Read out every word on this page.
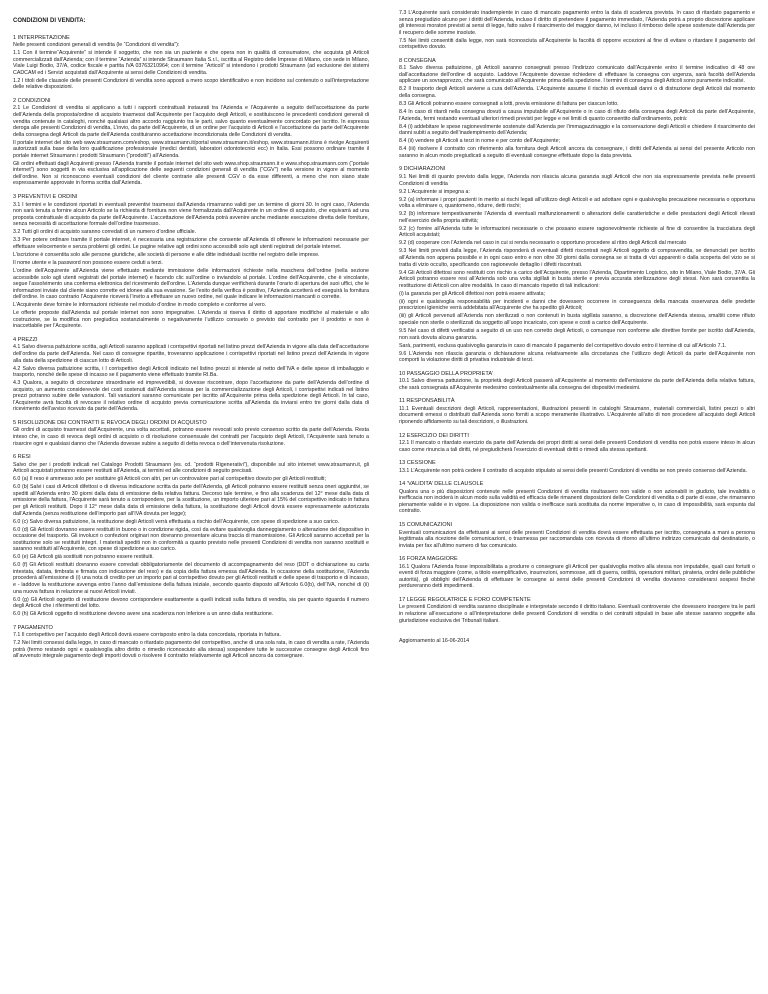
CONDIZIONI DI VENDITA:
1 INTERPRETAZIONE

Nelle presenti condizioni generali di vendita (le “Condizioni di vendita”):

1.1 Con il termine“Acquirente” si intende il soggetto, che non sia un paziente e che opera non in qualità di consumatore, che acquista gli Articoli commercializzati dall’Azienda; con il termine “Azienda” si intende Straumann Italia S.r.l., iscritta al Registro delle Imprese di Milano, con sede in Milano, Viale Luigi Bodio, 37/A, codice fiscale e partita IVA 03763210964; con il termine “Articoli” si intendono i prodotti Straumann (ad esclusione dei sistemi CADCAM ed i Servizi acquistati dall’Acquirente ai sensi delle Condizioni di vendita.

1.2 I titoli delle clausole delle presenti Condizioni di vendita sono apposti a mero scopo identificativo e non incidono sul contenuto o sull’interpretazione delle relative disposizioni.

2 CONDIZIONI

2.1 Le Condizioni di vendita si applicano a tutti i rapporti contrattuali instaurati tra l’Azienda e l’Acquirente a seguito dell’accettazione da parte dell’Azienda della proposta/ordine di acquisto trasmessi dall’Acquirente per l’acquisto degli Articoli, e sostituiscono le precedenti condizioni generali di vendita contenute in cataloghi, nonché qualsiasi altro accordo raggiunto tra le parti, salvo quanto eventualmente concordato per iscritto. In espressa deroga alle presenti Condizioni di vendita, L’invio, da parte dell’Acquirente, di un ordine per l’acquisto di Articoli e l’accettazione da parte dell’Acquirente della consegna degli Articoli da parte dell’Azienda costituiranno accettazione incondizionata delle Condizioni di vendita.

Il portale internet del sito web www.straumann.com/eshop, www.straumann.it/portal www.straumann.it/eshop, www.straumann.it/sns è rivolge Acquirenti autorizzati sulla base della loro qualificazione professionale (medici dentisti, laboratori odontotecnici ecc) in Italia. Essi possono ordinare tramite il portale internet Straumann i prodotti Straumann (“prodotti”) all’Azienda.

Gli ordini effettuati dagli Acquirenti presso l’Azienda tramite il portale internet del sito web www.shop.straumann.it e www.shop.straumann.com (“portale internet”) sono soggetti in via esclusiva all’applicazione delle seguenti condizioni generali di vendita (“CGV”) nella versione in vigore al momento dell’ordine. Non si riconoscono eventuali condizioni del cliente contrarie alle presenti CGV o da esse differenti, a meno che non siano state espressamente approvate in forma scritta dall’Azienda.

3 PREVENTIVI E ORDINI

3.1 I termini e le condizioni riportati in eventuali preventivi trasmessi dall’Azienda rimarranno validi per un termine di giorni 30. In ogni caso, l’Azienda non sarà tenuta a fornire alcun Articolo se la richiesta di fornitura non viene formalizzata dall’Acquirente in un ordine di acquisto, che equivarrà ad una proposta contrattuale di acquisto da parte dell’Acquirente. L’accettazione dell’Azienda potrà avvenire anche mediante esecuzione diretta delle forniture, senza necessità di accettazione formale dell’ordine trasmesso.

3.2 Tutti gli ordini di acquisto saranno corredati di un numero d’ordine ufficiale.

3.3 Per potere ordinare tramite il portale internet, è necessaria una registrazione che consente all’Azienda di offerere le informazioni necessarie per effettuare velocemente e senza problemi gli ordini. Le pagine relative agli ordini sono accessibili solo agli utenti registrati del portale internet.

L’iscrizione è consentita solo alle persone giuridiche, alle società di persone e alle ditte individuali iscritte nel registro delle imprese.

Il nome utente e la password non possono essere ceduti a terzi.

L’ordine dell’Acquirente all’Azienda viene effettuato mediante immissione delle informazioni richieste nella maschera dell’ordine (nella sezione accessibile solo agli utenti registrati del portale internet) e facendo clic sull’ordine o inviandolo al portale. L’ordine dell’Acquirente, che è vincolante, segue l’assolvimento una conferma elettronica del ricevimento dell’ordine. L’Azienda dunque verificherà durante l’orario di apertura dei suoi uffici, che le informazioni inviate dal cliente siano corrette ed idonee alla sua evasione. Se l’esito della verifica è positivo, l’Azienda accetterà ed eseguirà la fornitura dell’ordine. In caso contrario l’Acquirente riceverà l’invito a effettuare un nuovo ordine, nel quale indicare le informazioni mancanti o corrette.

L’Acquirente deve fornire le informazioni richieste nel modulo d’ordine in modo completo e conforme al vero.

Le offerte proposte dall’Azienda sul portale internet non sono impegnative. L’Azienda si riserva il diritto di apportare modifiche al materiale e allo costruzione, se la modifica non pregiudica sostanzialmente o negativamente l’utilizzo consueto o previsto dal contratto per il prodotto e non è inaccettabile per l’Acquirente.

4 PREZZI

4.1 Salvo diversa pattuizione scritta, agli Articoli saranno applicati i corrispettivi riportati nel listino prezzi dell’Azienda in vigore alla data dell’accettazione dell’ordine da parte dell’Azienda. Nel caso di consegne ripartite, troveranno applicazione i corrispettivi riportati nel listino prezzi dell’Azienda in vigore alla data della spedizione di ciascun lotto di Articoli.

4.2 Salvo diversa pattuizione scritta, i l corrispettivo degli Articoli indicato nel listino prezzi si intende al netto dell’IVA e delle spese di imballaggio e trasporto, nonché delle spese di incasso se il pagamento viene effettuato tramite RI.Ba.

4.3 Qualora, a seguito di circostanze straordinarie ed imprevedibili, si dovesse riscontrare, dopo l’accettazione da parte dell’Azienda dell’ordine di acquisto, un aumento considerevole dei costi sostenuti dall’Azienda stessa per la commercializzazione degli Articoli, i corrispettivi indicati nel listino prezzi potranno subire delle variazioni. Tali variazioni saranno comunicate per iscritto all’Acquirente prima della spedizione degli Articoli. In tal caso, l’Acquirente avrà facoltà di revocare il relativo ordine di acquisto previa comunicazione scritta all’Azienda da inviarsi entro tre giorni dalla data di ricevimento dell’avviso ricevuto da parte dell’Azienda.

5 RISOLUZIONE DEI CONTRATTI E REVOCA DEGLI ORDINI DI ACQUISTO

Gli ordini di acquisto trasmessi dall’Acquirente, una volta accettati, potranno essere revocati solo previo consenso scritto da parte dell’Azienda. Resta inteso che, in caso di revoca degli ordini di acquisto o di risoluzione consensuale dei contratti per l’acquisto degli Articoli, l’Acquirente sarà tenuto a risarcire ogni e qualsiasi danno che l’Azienda dovesse subire a seguito di detta revoca o dell’intervenuta risoluzione.

6 RESI

Salvo che per i prodotti indicati nel Catalogo Prodotti Straumann (es. cd. “prodotti Rigenerativi”), disponibile sul sito internet www.straumann.it, gli Articoli acquistati potranno essere restituiti all’Azienda, ai termini ed alle condizioni di seguito precisati.

6.0 (a) Il reso è ammesso solo per sostituire gli Articoli con altri, per un controvalore pari al corrispettivo dovuto per gli Articoli restituiti;

6.0 (b) Salvi i casi di Articoli difettosi o di diversa indicazione scritta da parte dell’Azienda, gli Articoli potranno essere restituiti senza oneri aggiuntivi, se spediti all’Azienda entro 30 giorni dalla data di emissione della relativa fattura. Decorso tale termine, e fino alla scadenza del 12° mese dalla data di emissione della fattura, l’Acquirente sarà tenuto a corrispondere, per la sostituzione, un importo ulteriore pari al 15% del corrispettivo indicato in fattura per gli Articoli restituiti. Dopo il 12° mese dalla data di emissione della fattura, la sostituzione degli Articoli dovrà essere espressamente autorizzata dall’Azienda (senza restituzione dell’importo pari all’IVA dovuta per legge);

6.0 (c) Salvo diversa pattuizione, la restituzione degli Articoli verrà effettuata a rischio dell’Acquirente, con spese di spedizione a suo carico.

6.0 (d) Gli Articoli dovranno essere restituiti in buono o in condizione rigida, così da evitare qualsivoglia danneggiamento o alterazione del dispositivo in occasione del trasporto. Gli involucri o confezioni originari non dovranno presentare alcuna traccia di manomissione. Gli Articoli saranno accettati per la sostituzione solo se restituiti integri. I materiali spediti non in conformità a quanto previsto nelle presenti Condizioni di vendita non saranno sostituiti e saranno restituiti all’Acquirente, con spese di spedizione a suo carico.

6.0 (e) Gli Articoli già sostituiti non potranno essere restituiti.

6.0 (f) Gli Articoli restituiti dovranno essere corredati obbligatoriamente del documento di accompagnamento del reso (DDT o dichiarazione su carta intestata, datata, timbrata e firmata con indicazione del reso) e da copia della fattura emessa dall’Azienda. In occasione della sostituzione, l’Azienda procederà all’emissione di (i) una nota di credito per un importo pari al corrispettivo dovuto per gli Articoli restituiti e delle spese di trasporto e di incasso, e - laddove la restituzione avvenga entro l’anno dall’emissione della fattura iniziale, secondo quanto disposto all’Articolo 6.0(b), dell’IVA, nonché di (ii) una nuova fattura in relazione ai nuovi Articoli inviati.

6.0 (g) Gli Articoli oggetto di restituzione devono corrispondere esattamente a quelli indicati sulla fattura di vendita, sia per quanto riguarda il numero degli Articoli che i riferimenti del lotto.

6.0 (h) Gli Articoli oggetto di restituzione devono avere una scadenza non inferiore a un anno dalla restituzione.

7 PAGAMENTO

7.1 Il corrispettivo per l’acquisto degli Articoli dovrà essere corrisposto entro la data concordata, riportata in fattura.

7.2 Nei limiti consessi dalla legge, in caso di mancato o ritardato pagamento del corrispettivo, anche di una sola rata, in caso di vendita a rate, l’Azienda potrà (fermo restando ogni e qualsivoglia altro diritto o rimedio riconosciuto alla stessa) sospendere tutte le successive consegne degli Articoli fino all’avvenuto integrale pagamento degli importi dovuti o risolvere il contratto relativamente agli Articoli ancora da consegnare.

7.3 L’Acquirente sarà considerato inadempiente in caso di mancato pagamento entro la data di scadenza prevista. In caso di ritardato pagamento e senza pregiudizio alcuno per i diritti dell’Azienda, incluso il diritto di pretendere il pagamento immediato, l’Azienda potrà a proprio discrezione applicare gli interessi moratori previsti ai sensi di legge, fatto salvo il risarcimento del maggior danno, ivi incluso il rimborso delle spese sostenute dall’Azienda per il recupero delle somme insolute.

7.5 Nei limiti consentiti dalla legge, non sarà riconosciuta all’Acquirente la facoltà di opporre eccezioni al fine di evitare o ritardare il pagamento del corrispettivo dovuto.

8 CONSEGNA

8.1 Salvo diversa pattuizione, gli Articoli saranno consegnati presso l’indirizzo comunicato dall’Acquirente entro il termine indicativo di 48 ore dall’accettazione dell’ordine di acquisto. Laddove l’Acquirente dovesse richiedere di effettuare la consegna con urgenza, sarà facoltà dell’Azienda applicare un sovrapprezzo, che sarà comunicato all’Acquirente prima della spedizione. I termini di consegna degli Articoli sono puramente indicativi.

8.2 Il trasporto degli Articoli avviene a cura dell’Azienda. L’Acquirente assume il rischio di eventuali danni o di distruzione degli Articoli dal momento della consegna.

8.3 Gli Articoli potranno essere consegnati a lotti, previa emissione di fattura per ciascun lotto.

8.4 In caso di ritardi nella consegna dovuti a causa imputabile all’Acquirente o in caso di rifiuto della consegna degli Articoli da parte dell’Acquirente, l’Azienda, fermi restando eventuali ulteriori rimedi previsti per legge e nei limiti di quanto consentito dall’ordinamento, potrà:

8.4 (i) addebitare le spese ragionevolmente sostenute dall’Azienda per l’immagazzinaggio e la conservazione degli Articoli e chiedere il risarcimento dei danni subiti a seguito dell’inadempimento dell’Azienda;

8.4 (ii) vendere gli Articoli a terzi in nome e per conto dell’Acquirente;

8.4 (iii) risolvere il contratto con riferimento alla fornitura degli Articoli ancora da consegnare, i diritti dell’Azienda ai sensi del presente Articolo non saranno in alcun modo pregiudicati a seguito di eventuali consegne effettuate dopo la data prevista.

9 DICHIARAZIONI

9.1 Nei limiti di quanto previsto dalla legge, l’Azienda non rilascia alcuna garanzia sugli Articoli che non sia espressamente prevista nelle presenti Condizioni di vendita

9.2 L’Acquirente si impegna a:

9.2 (a) informare i propri pazienti in merito ai rischi legati all’utilizzo degli Articoli e ad adottare ogni e qualsivoglia precauzione necessaria o opportuna volta a eliminare o, quantomeno, ridurre, detti rischi;

9.2 (b) informare tempestivamente l’Azienda di eventuali malfunzionamenti o alterazioni delle caratteristiche e delle prestazioni degli Articoli rilevati nell’esercizio della propria attività;

9.2 (c) fornire all’Azienda tutte le informazioni necessarie o che possano essere ragionevolmente richieste al fine di consentire la tracciatura degli Articoli acquistati;

9.2 (d) cooperare con l’Azienda nel caso in cui si renda necessario o opportuno procedere al ritiro degli Articoli dal mercato

9.3 Nei limiti previsti dalla legge, l’Azienda risponderà di eventuali difetti riscontrati negli Articoli oggetto di compravendita, se denunciati per iscritto all’Azienda non appena possibile e in ogni caso entro e non oltre 30 giorni dalla consegna se si tratta di vizi apparenti o dalla scoperta del vizio se si tratta di vizio occulto, specificando con ragionevole dettaglio i difetti riscontrati.

9.4 Gli Articoli difettosi sono restituiti con rischio a carico dell’Acquirente, presso l’Azienda, Dipartimento Logistico, sito in Milano, Viale Bodio, 37/A. Gli Articoli potranno essere resi all’Azienda solo una volta sigillati in busta sterile e previa accurata sterilizzazione degli stessi. Non sarà consentita la restituzione di Articoli con altre modalità. In caso di mancato rispetto di tali indicazioni:

(i) la garanzia per gli Articoli difettosi non potrà essere attivata;

(ii) ogni e qualsivoglia responsabilità per incidenti e danni che dovessero occorrere in conseguenza della mancata osservanza delle predette prescrizioni igieniche verrà addebitata all’Acquirente che ha spedito gli Articoli;

(iii) gli Articoli pervenuti all’Azienda non sterilizzati o non contenuti in busta sigillata saranno, a discrezione dell’Azienda stessa, smaltiti come rifiuto speciale non sterile o sterilizzati da soggetto all’uopo incaricato, con spese e costi a carico dell’Acquirente.

9.5 Nel caso di difetti verificatisi a seguito di un uso non corretto degli Articoli, o comunque non conforme alle direttive fornite per iscritto dall’Azienda, non sarà dovuta alcuna garanzia.

Sarà, parimenti, esclusa qualsivoglia garanzia in caso di mancato il pagamento del corrispettivo dovuto entro il termine di cui all’Articolo 7.1.

9.6 L’Azienda non rilascia garanzia o dichiarazione alcuna relativamente alla circostanza che l’utilizzo degli Articoli da parte dell’Acquirente non comporti la violazione diritti di privativa industriale di terzi.

10 PASSAGGIO DELLA PROPRIETA’

10.1 Salvo diversa pattuizione, la proprietà degli Articoli passerà all’Acquirente al momento dell’emissione da parte dell’Azienda della relativa fattura, che sarà consegnata all’Acquirente medesimo contestualmente alla consegna dei dispositivi medesimi.

11 RESPONSABILITÀ

11.1 Eventuali descrizioni degli Articoli, rappresentazioni, illustrazioni presenti in cataloghi Straumann, materiali commerciali, listini prezzi o altri documenti emessi o distribuiti dall’Azienda sono forniti a scopo meramente illustrativo. L’Acquirente all’atto di non procedere all’acquisto degli Articoli riponendo affidamento su tali descrizioni, o illustrazioni.

12 ESERCIZIO DEI DIRITTI

12.1 Il mancato o ritardato esercizio da parte dell’Azienda dei propri diritti ai sensi delle presenti Condizioni di vendita non potrà essere inteso in alcun caso come rinuncia a tali diritti, né pregiudicherà l’esercizio di eventuali diritti o rimedi alla stessa spettanti.

13 CESSIONE

13.1 L’Acquirente non potrà cedere il contratto di acquisto stipulato ai sensi delle presenti Condizioni di vendita se non previo consenso dell’Azienda.

14 ‘VALIDITA’ DELLE CLAUSOLE

Qualora una o più disposizioni contenute nelle presenti Condizioni di vendita risultassero non valide o non azionabili in giudizio, tale invalidità o inefficacia non inciderà in alcun modo sulla validità ed efficacia delle rimanenti disposizioni delle Condizioni di vendita o di parte di esse, che rimarranno pienamente valide e in vigore. La disposizione non valida o inefficace sarà sostituita da norme imperative o, in caso di impossibilità, sarà espunta dal contratto.

15 COMUNICAZIONI

Eventuali comunicazioni da effettuarsi ai sensi delle presenti Condizioni di vendita dovrà essere effettuata per iscritto, consegnata a mani a persona legittimata alla ricezione delle comunicazioni, o trasmessa per raccomandata con ricevuta di ritorno all’ultimo indirizzo comunicato dal destinatario, o inviata per fax all’ultimo numero di fax comunicato.

16 FORZA MAGGIORE

16.1 Qualora l’Azienda fosse impossibilitata a produrre o consegnare gli Articoli per qualsivoglia motivo alla stessa non imputabile, quali casi fortuiti o eventi di forza maggiore (come, a titolo esemplificativo, insurrezioni, sommosse, atti di guerra, ostilità, operazioni militari, pirateria, ordini delle pubbliche autorità), gli obblighi dell’Azienda di effettuare le consegne ai sensi delle presenti Condizioni di vendita dovranno considerarsi sospesi finché perdureranno detti impedimenti.

17 LEGGE REGOLATRICE E FORO COMPETENTE

Le presenti Condizioni di vendita saranno disciplinate e interpretate secondo il diritto italiano. Eventuali controversie che dovessero insorgere tra le parti in relazione all’esecuzione o all’interpretazione delle presenti Condizioni di vendita o dei contratti stipulati in base alle stesse saranno soggette alla giurisdizione esclusiva dei Tribunali italiani.

Aggiornamento al 16-06-2014
